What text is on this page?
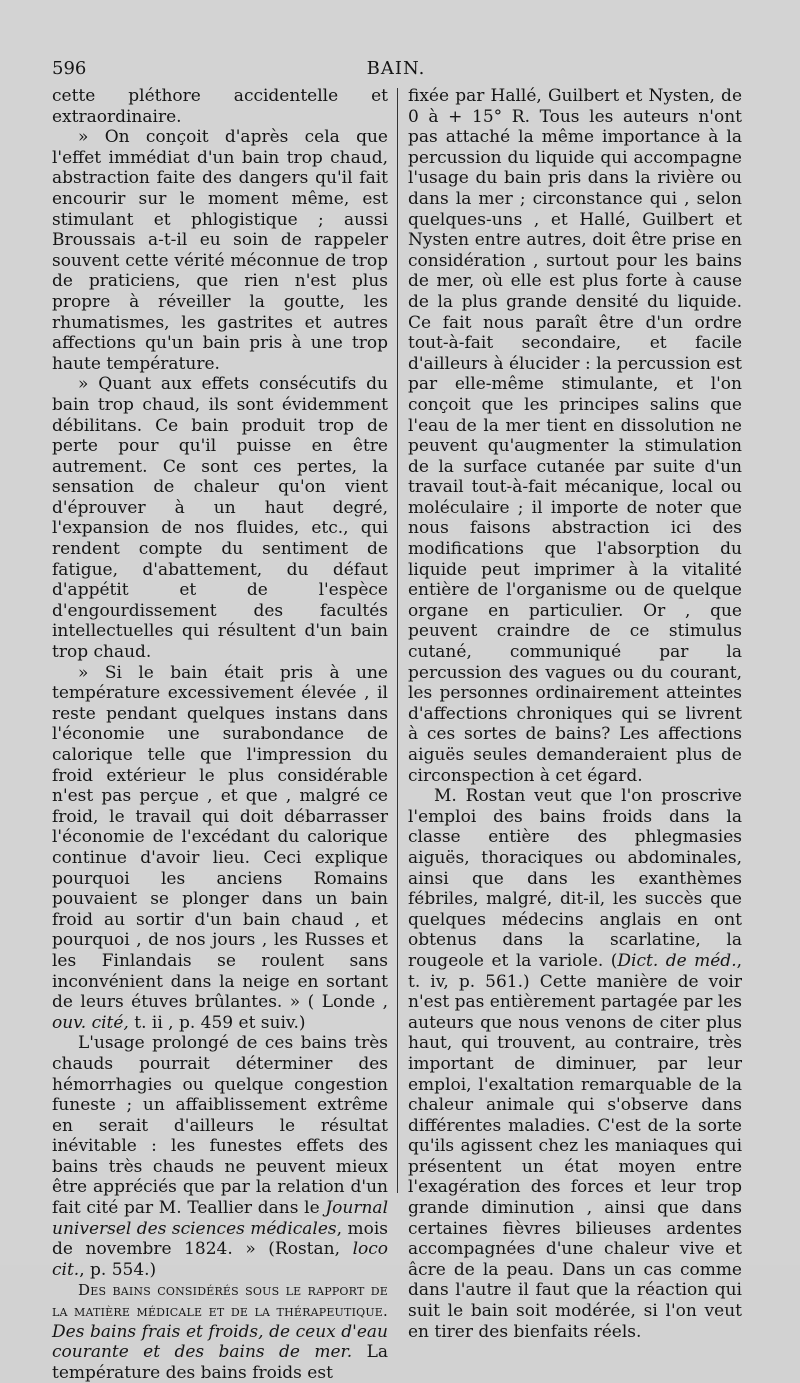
596	BAIN.

cette pléthore accidentelle et extraordinaire.

» On conçoit d'après cela que l'effet immédiat d'un bain trop chaud, abstraction faite des dangers qu'il fait encourir sur le moment même, est stimulant et phlogistique ; aussi Broussais a-t-il eu soin de rappeler souvent cette vérité méconnue de trop de praticiens, que rien n'est plus propre à réveiller la goutte, les rhumatismes, les gastrites et autres affections qu'un bain pris à une trop haute température.

» Quant aux effets consécutifs du bain trop chaud, ils sont évidemment débilitans. Ce bain produit trop de perte pour qu'il puisse en être autrement. Ce sont ces pertes, la sensation de chaleur qu'on vient d'éprouver à un haut degré, l'expansion de nos fluides, etc., qui rendent compte du sentiment de fatigue, d'abattement, du défaut d'appétit et de l'espèce d'engourdissement des facultés intellectuelles qui résultent d'un bain trop chaud.

» Si le bain était pris à une température excessivement élevée , il reste pendant quelques instans dans l'économie une surabondance de calorique telle que l'impression du froid extérieur le plus considérable n'est pas perçue , et que , malgré ce froid, le travail qui doit débarrasser l'économie de l'excédant du calorique continue d'avoir lieu. Ceci explique pourquoi les anciens Romains pouvaient se plonger dans un bain froid au sortir d'un bain chaud , et pourquoi , de nos jours , les Russes et les Finlandais se roulent sans inconvénient dans la neige en sortant de leurs étuves brûlantes. » ( Londe , ouv. cité, t. ii , p. 459 et suiv.)

L'usage prolongé de ces bains très chauds pourrait déterminer des hémorrhagies ou quelque congestion funeste ; un affaiblissement extrême en serait d'ailleurs le résultat inévitable : les funestes effets des bains très chauds ne peuvent mieux être appréciés que par la relation d'un fait cité par M. Teallier dans le Journal universel des sciences médicales, mois de novembre 1824. » (Rostan, loco cit., p. 554.)

Des bains considérés sous le rapport de la matière médicale et de la thérapeutique. Des bains frais et froids, de ceux d'eau courante et des bains de mer. La température des bains froids est

fixée par Hallé, Guilbert et Nysten, de 0 à + 15° R. Tous les auteurs n'ont pas attaché la même importance à la percussion du liquide qui accompagne l'usage du bain pris dans la rivière ou dans la mer ; circonstance qui , selon quelques-uns , et Hallé, Guilbert et Nysten entre autres, doit être prise en considération , surtout pour les bains de mer, où elle est plus forte à cause de la plus grande densité du liquide. Ce fait nous paraît être d'un ordre tout-à-fait secondaire, et facile d'ailleurs à élucider : la percussion est par elle-même stimulante, et l'on conçoit que les principes salins que l'eau de la mer tient en dissolution ne peuvent qu'augmenter la stimulation de la surface cutanée par suite d'un travail tout-à-fait mécanique, local ou moléculaire ; il importe de noter que nous faisons abstraction ici des modifications que l'absorption du liquide peut imprimer à la vitalité entière de l'organisme ou de quelque organe en particulier. Or , que peuvent craindre de ce stimulus cutané, communiqué par la percussion des vagues ou du courant, les personnes ordinairement atteintes d'affections chroniques qui se livrent à ces sortes de bains? Les affections aiguës seules demanderaient plus de circonspection à cet égard.

M. Rostan veut que l'on proscrive l'emploi des bains froids dans la classe entière des phlegmasies aiguës, thoraciques ou abdominales, ainsi que dans les exanthèmes fébriles, malgré, dit-il, les succès que quelques médecins anglais en ont obtenus dans la scarlatine, la rougeole et la variole. (Dict. de méd., t. iv, p. 561.) Cette manière de voir n'est pas entièrement partagée par les auteurs que nous venons de citer plus haut, qui trouvent, au contraire, très important de diminuer, par leur emploi, l'exaltation remarquable de la chaleur animale qui s'observe dans différentes maladies. C'est de la sorte qu'ils agissent chez les maniaques qui présentent un état moyen entre l'exagération des forces et leur trop grande diminution , ainsi que dans certaines fièvres bilieuses ardentes accompagnées d'une chaleur vive et âcre de la peau. Dans un cas comme dans l'autre il faut que la réaction qui suit le bain soit modérée, si l'on veut en tirer des bienfaits réels.
